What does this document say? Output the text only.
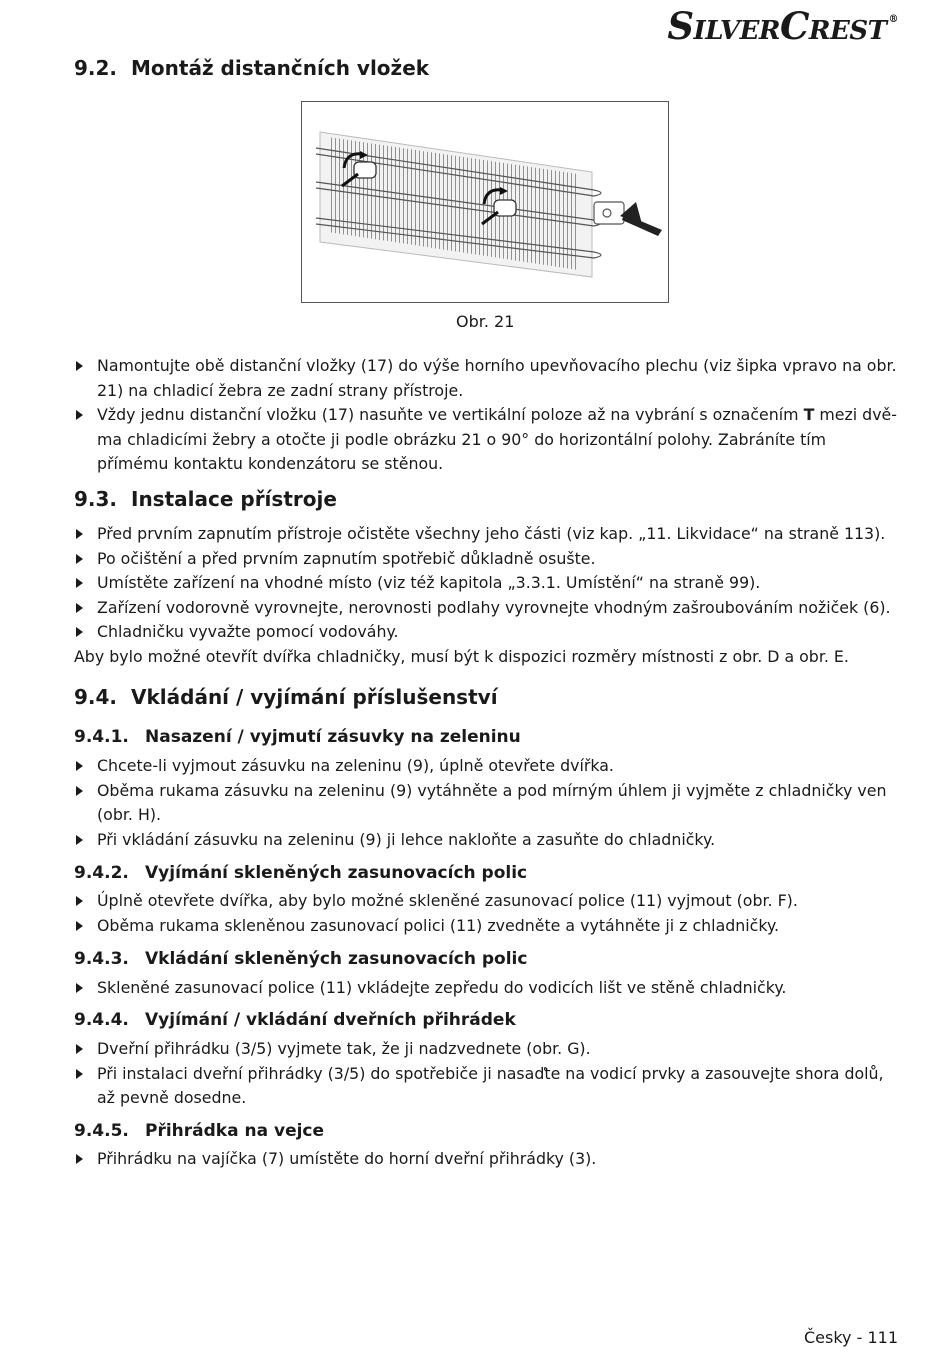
SilverCrest ®
9.2. Montáž distančních vložek
Obr. 21
Namontujte obě distanční vložky (17) do výše horního upevňovacího plechu (viz šipka vpravo na obr. 21) na chladicí žebra ze zadní strany přístroje.
Vždy jednu distanční vložku (17) nasuňte ve vertikální poloze až na vybrání s označením T mezi dvě-ma chladicími žebry a otočte ji podle obrázku 21 o 90° do horizontální polohy. Zabráníte tím přímému kontaktu kondenzátoru se stěnou.
9.3. Instalace přístroje
Před prvním zapnutím přístroje očistěte všechny jeho části (viz kap. „11. Likvidace“ na straně 113).
Po očištění a před prvním zapnutím spotřebič důkladně osušte.
Umístěte zařízení na vhodné místo (viz též kapitola „3.3.1. Umístění“ na straně 99).
Zařízení vodorovně vyrovnejte, nerovnosti podlahy vyrovnejte vhodným zašroubováním nožiček (6).
Chladničku vyvažte pomocí vodováhy.

Aby bylo možné otevřít dvířka chladničky, musí být k dispozici rozměry místnosti z obr. D a obr. E.

9.4. Vkládání / vyjímání příslušenství
9.4.1. Nasazení / vyjmutí zásuvky na zeleninu
Chcete-li vyjmout zásuvku na zeleninu (9), úplně otevřete dvířka.
Oběma rukama zásuvku na zeleninu (9) vytáhněte a pod mírným úhlem ji vyjměte z chladničky ven (obr. H).
Při vkládání zásuvku na zeleninu (9) ji lehce nakloňte a zasuňte do chladničky.
9.4.2. Vyjímání skleněných zasunovacích polic
Úplně otevřete dvířka, aby bylo možné skleněné zasunovací police (11) vyjmout (obr. F).
Oběma rukama skleněnou zasunovací polici (11) zvedněte a vytáhněte ji z chladničky.
9.4.3. Vkládání skleněných zasunovacích polic
Skleněné zasunovací police (11) vkládejte zepředu do vodicích lišt ve stěně chladničky.
9.4.4. Vyjímání / vkládání dveřních přihrádek
Dveřní přihrádku (3/5) vyjmete tak, že ji nadzvednete (obr. G).
Při instalaci dveřní přihrádky (3/5) do spotřebiče ji nasaďte na vodicí prvky a zasouvejte shora dolů, až pevně dosedne.
9.4.5. Přihrádka na vejce
Přihrádku na vajíčka (7) umístěte do horní dveřní přihrádky (3).
Česky - 111
